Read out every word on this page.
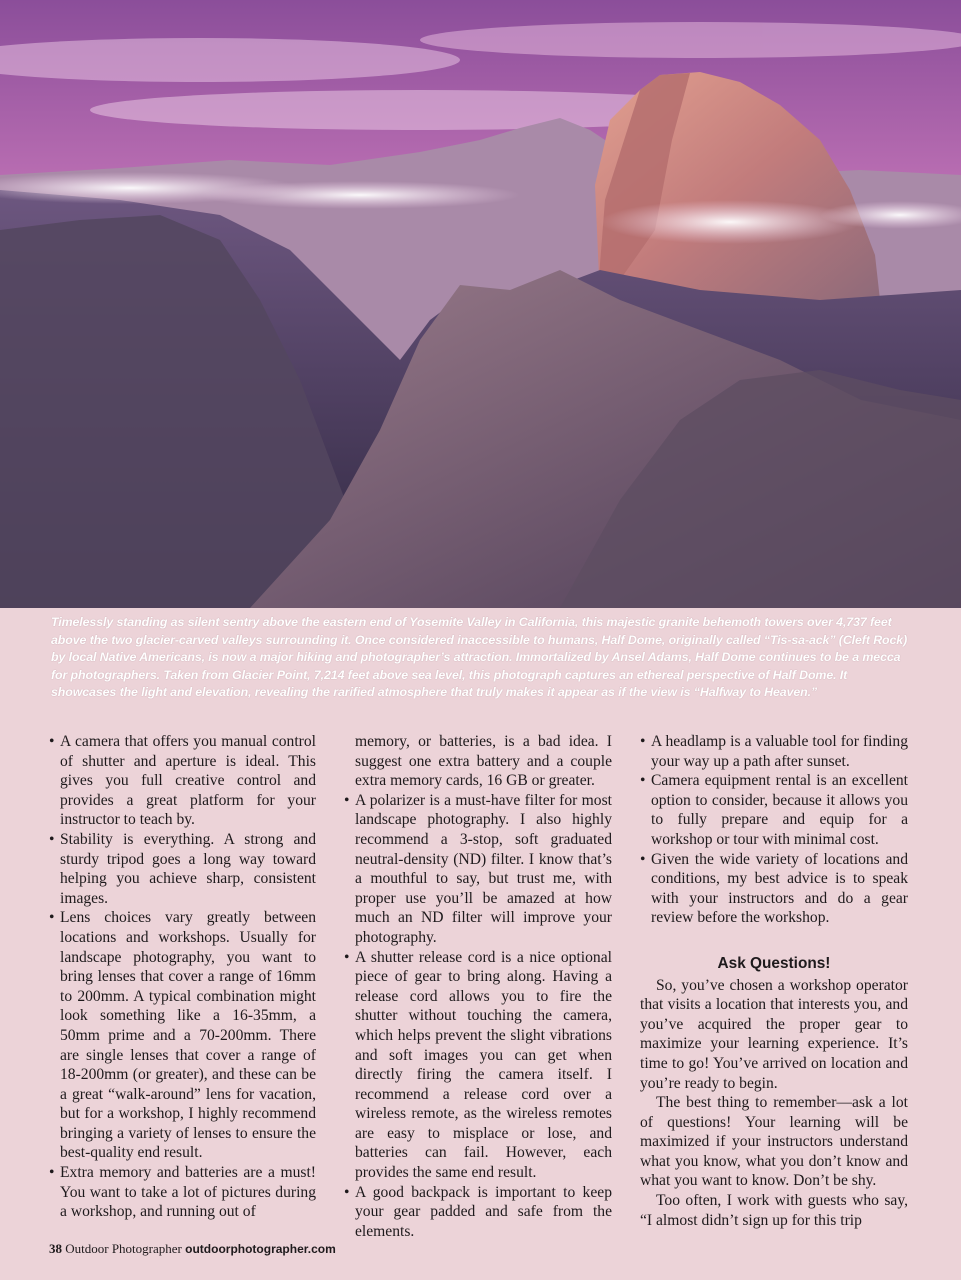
Timelessly standing as silent sentry above the eastern end of Yosemite Valley in California, this majestic granite behemoth towers over 4,737 feet above the two glacier-carved valleys surrounding it. Once considered inaccessible to humans, Half Dome, originally called “Tis-sa-ack” (Cleft Rock) by local Native Americans, is now a major hiking and photographer’s attraction. Immortalized by Ansel Adams, Half Dome continues to be a mecca for photographers. Taken from Glacier Point, 7,214 feet above sea level, this photograph captures an ethereal perspective of Half Dome. It showcases the light and elevation, revealing the rarified atmosphere that truly makes it appear as if the view is “Halfway to Heaven.”

• A camera that offers you manual control of shutter and aperture is ideal. This gives you full creative control and provides a great platform for your instructor to teach by.
• Stability is everything. A strong and sturdy tripod goes a long way toward helping you achieve sharp, consistent images.
• Lens choices vary greatly between locations and workshops. Usually for landscape photography, you want to bring lenses that cover a range of 16mm to 200mm. A typical combination might look something like a 16-35mm, a 50mm prime and a 70-200mm. There are single lenses that cover a range of 18-200mm (or greater), and these can be a great “walk-around” lens for vacation, but for a workshop, I highly recommend bringing a variety of lenses to ensure the best-quality end result.
• Extra memory and batteries are a must! You want to take a lot of pictures during a workshop, and running out of

memory, or batteries, is a bad idea. I suggest one extra battery and a couple extra memory cards, 16 GB or greater.

• A polarizer is a must-have filter for most landscape photography. I also highly recommend a 3-stop, soft graduated neutral-density (ND) filter. I know that’s a mouthful to say, but trust me, with proper use you’ll be amazed at how much an ND filter will improve your photography.
• A shutter release cord is a nice optional piece of gear to bring along. Having a release cord allows you to fire the shutter without touching the camera, which helps prevent the slight vibrations and soft images you can get when directly firing the camera itself. I recommend a release cord over a wireless remote, as the wireless remotes are easy to misplace or lose, and batteries can fail. However, each provides the same end result.
• A good backpack is important to keep your gear padded and safe from the elements.
• A headlamp is a valuable tool for finding your way up a path after sunset.
• Camera equipment rental is an excellent option to consider, because it allows you to fully prepare and equip for a workshop or tour with minimal cost.
• Given the wide variety of locations and conditions, my best advice is to speak with your instructors and do a gear review before the workshop.
Ask Questions!

So, you’ve chosen a workshop operator that visits a location that interests you, and you’ve acquired the proper gear to maximize your learning experience. It’s time to go! You’ve arrived on location and you’re ready to begin.

The best thing to remember—ask a lot of questions! Your learning will be maximized if your instructors understand what you know, what you don’t know and what you want to know. Don’t be shy.

Too often, I work with guests who say, “I almost didn’t sign up for this trip

38 Outdoor Photographer outdoorphotographer.com
